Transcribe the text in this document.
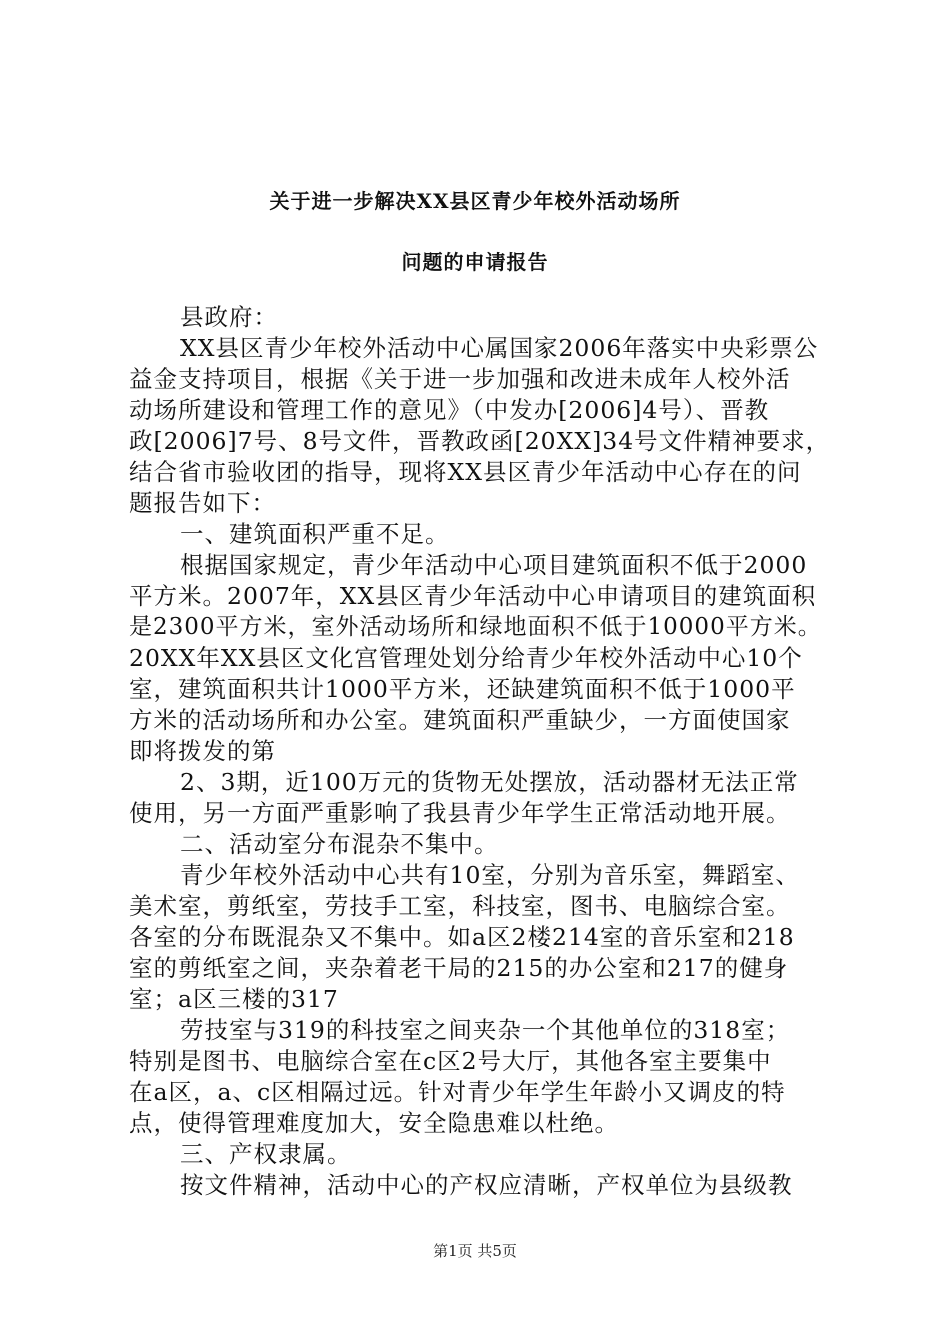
关于进一步解决XX县区青少年校外活动场所
问题的申请报告
县政府：
XX县区青少年校外活动中心属国家2006年落实中央彩票公
益金支持项目，根据《关于进一步加强和改进未成年人校外活
动场所建设和管理工作的意见》（中发办[2006]4号）、晋教
政[2006]7号、8号文件，晋教政函[20XX]34号文件精神要求，
结合省市验收团的指导，现将XX县区青少年活动中心存在的问
题报告如下：
一、建筑面积严重不足。
根据国家规定，青少年活动中心项目建筑面积不低于2000
平方米。2007年，XX县区青少年活动中心申请项目的建筑面积
是2300平方米，室外活动场所和绿地面积不低于10000平方米。
20XX年XX县区文化宫管理处划分给青少年校外活动中心10个
室，建筑面积共计1000平方米，还缺建筑面积不低于1000平
方米的活动场所和办公室。建筑面积严重缺少，一方面使国家
即将拨发的第
2、3期，近100万元的货物无处摆放，活动器材无法正常
使用，另一方面严重影响了我县青少年学生正常活动地开展。
二、活动室分布混杂不集中。
青少年校外活动中心共有10室，分别为音乐室，舞蹈室、
美术室，剪纸室，劳技手工室，科技室，图书、电脑综合室。
各室的分布既混杂又不集中。如a区2楼214室的音乐室和218
室的剪纸室之间，夹杂着老干局的215的办公室和217的健身
室；a区三楼的317
劳技室与319的科技室之间夹杂一个其他单位的318室；
特别是图书、电脑综合室在c区2号大厅，其他各室主要集中
在a区，a、c区相隔过远。针对青少年学生年龄小又调皮的特
点，使得管理难度加大，安全隐患难以杜绝。
三、产权隶属。
按文件精神，活动中心的产权应清晰，产权单位为县级教
第1页 共5页
